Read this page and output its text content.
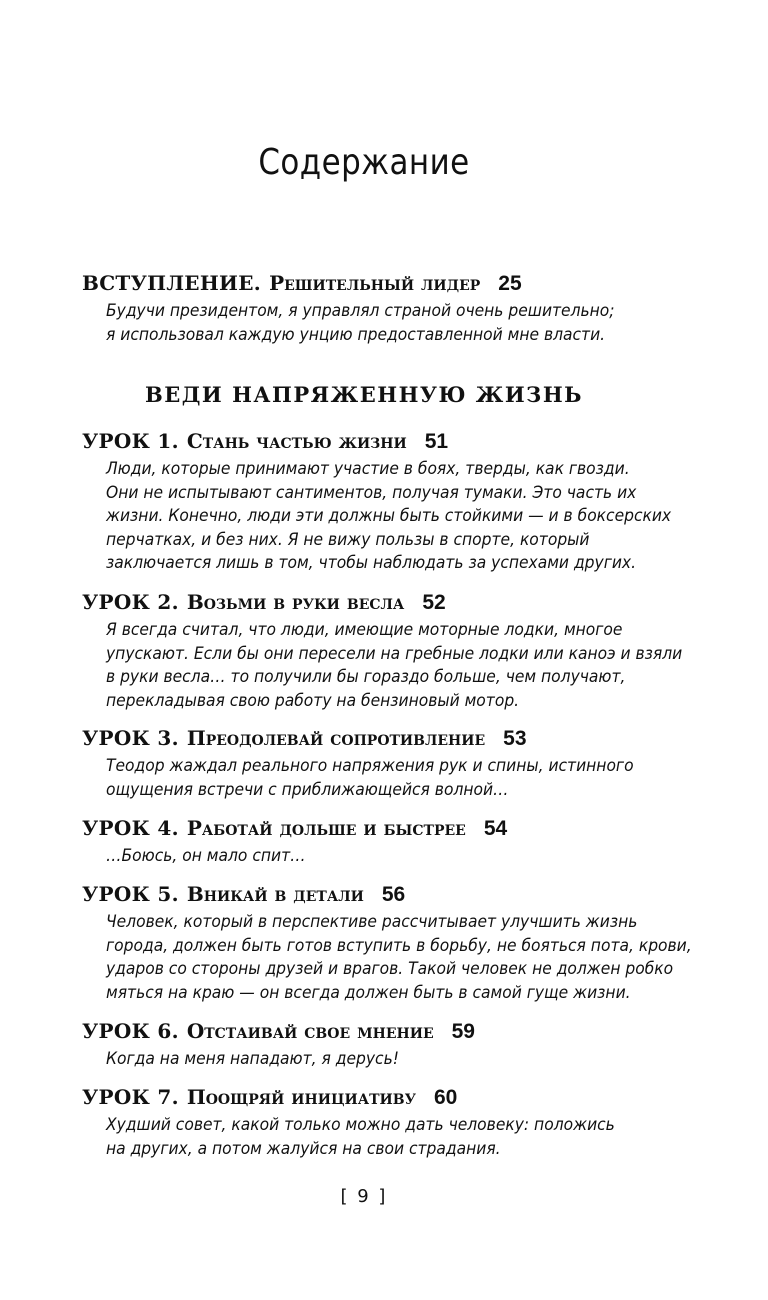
Содержание
ВСТУПЛЕНИЕ. Решительный лидер 25
Будучи президентом, я управлял страной очень решительно;
я использовал каждую унцию предоставленной мне власти.
ВЕДИ НАПРЯЖЕННУЮ ЖИЗНЬ
УРОК 1. Стань частью жизни 51
Люди, которые принимают участие в боях, тверды, как гвозди.
Они не испытывают сантиментов, получая тумаки. Это часть их
жизни. Конечно, люди эти должны быть стойкими — и в боксерских
перчатках, и без них. Я не вижу пользы в спорте, который
заключается лишь в том, чтобы наблюдать за успехами других.
УРОК 2. Возьми в руки весла 52
Я всегда считал, что люди, имеющие моторные лодки, многое
упускают. Если бы они пересели на гребные лодки или каноэ и взяли
в руки весла… то получили бы гораздо больше, чем получают,
перекладывая свою работу на бензиновый мотор.
УРОК 3. Преодолевай сопротивление 53
Теодор жаждал реального напряжения рук и спины, истинного
ощущения встречи с приближающейся волной…
УРОК 4. Работай дольше и быстрее 54
…Боюсь, он мало спит…
УРОК 5. Вникай в детали 56
Человек, который в перспективе рассчитывает улучшить жизнь
города, должен быть готов вступить в борьбу, не бояться пота, крови,
ударов со стороны друзей и врагов. Такой человек не должен робко
мяться на краю — он всегда должен быть в самой гуще жизни.
УРОК 6. Отстаивай свое мнение 59
Когда на меня нападают, я дерусь!
УРОК 7. Поощряй инициативу 60
Худший совет, какой только можно дать человеку: положись
на других, а потом жалуйся на свои страдания.
[ 9 ]
